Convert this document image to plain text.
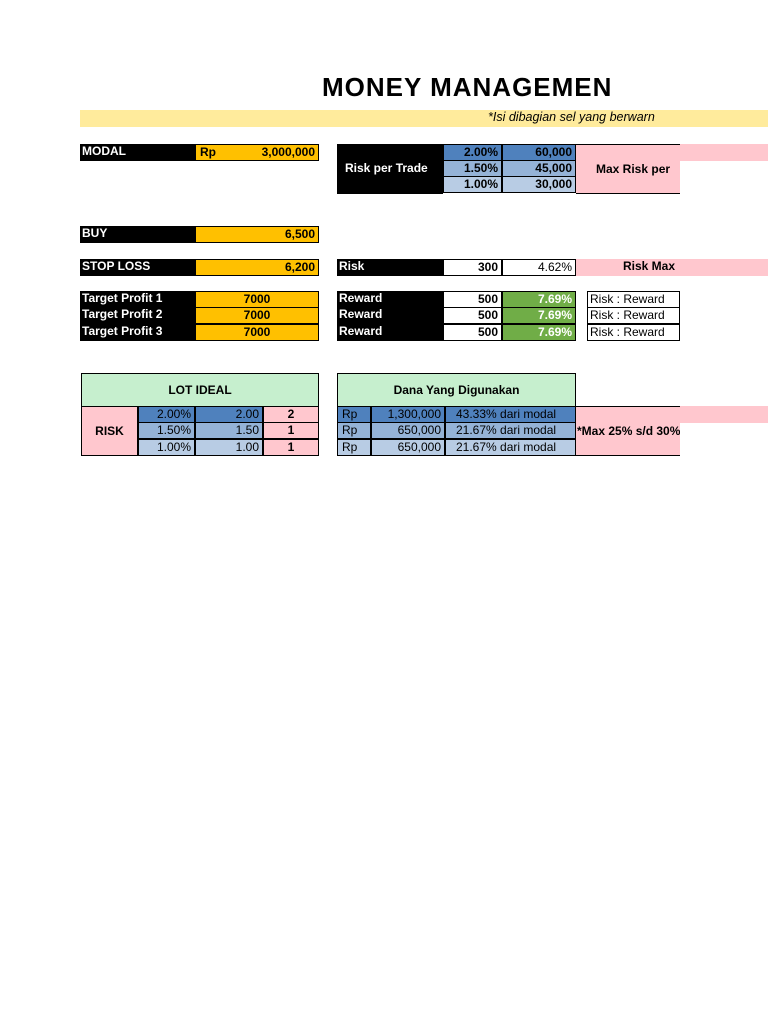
MONEY MANAGEMEN
*Isi dibagian sel yang berwarn
MODAL	Rp	3,000,000
Risk per Trade
2.00%	60,000
1.50%	45,000
1.00%	30,000
Max Risk per
BUY	6,500
STOP LOSS	6,200	Risk	300	4.62%	Risk Max
Target Profit 1	7000	Reward	500	7.69%	Risk : Reward
Target Profit 2	7000	Reward	500	7.69%	Risk : Reward
Target Profit 3	7000	Reward	500	7.69%	Risk : Reward
LOT IDEAL
RISK
2.00%	2.00	2
1.50%	1.50	1
1.00%	1.00	1
Dana Yang Digunakan
Rp	1,300,000	43.33% dari modal
Rp	650,000	21.67% dari modal
Rp	650,000	21.67% dari modal
*Max 25% s/d 30%
